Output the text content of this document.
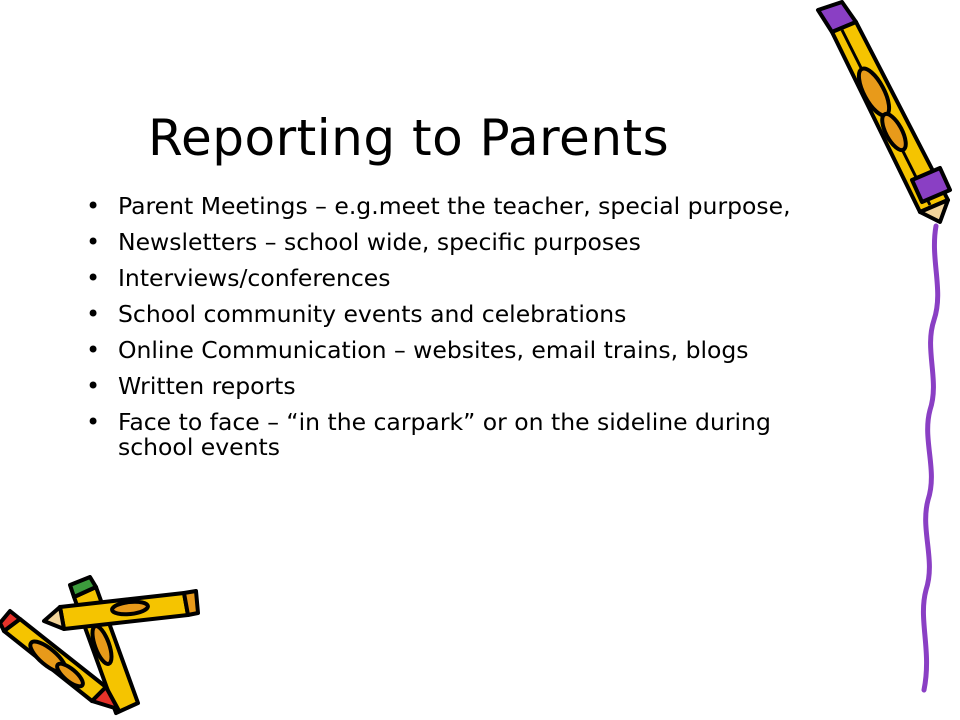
Reporting to Parents
• Parent Meetings – e.g.meet the teacher, special purpose,
• Newsletters – school wide, specific purposes
• Interviews/conferences
• School community events and celebrations
• Online Communication – websites, email trains, blogs
• Written reports
• Face to face – “in the carpark” or on the sideline during school events
